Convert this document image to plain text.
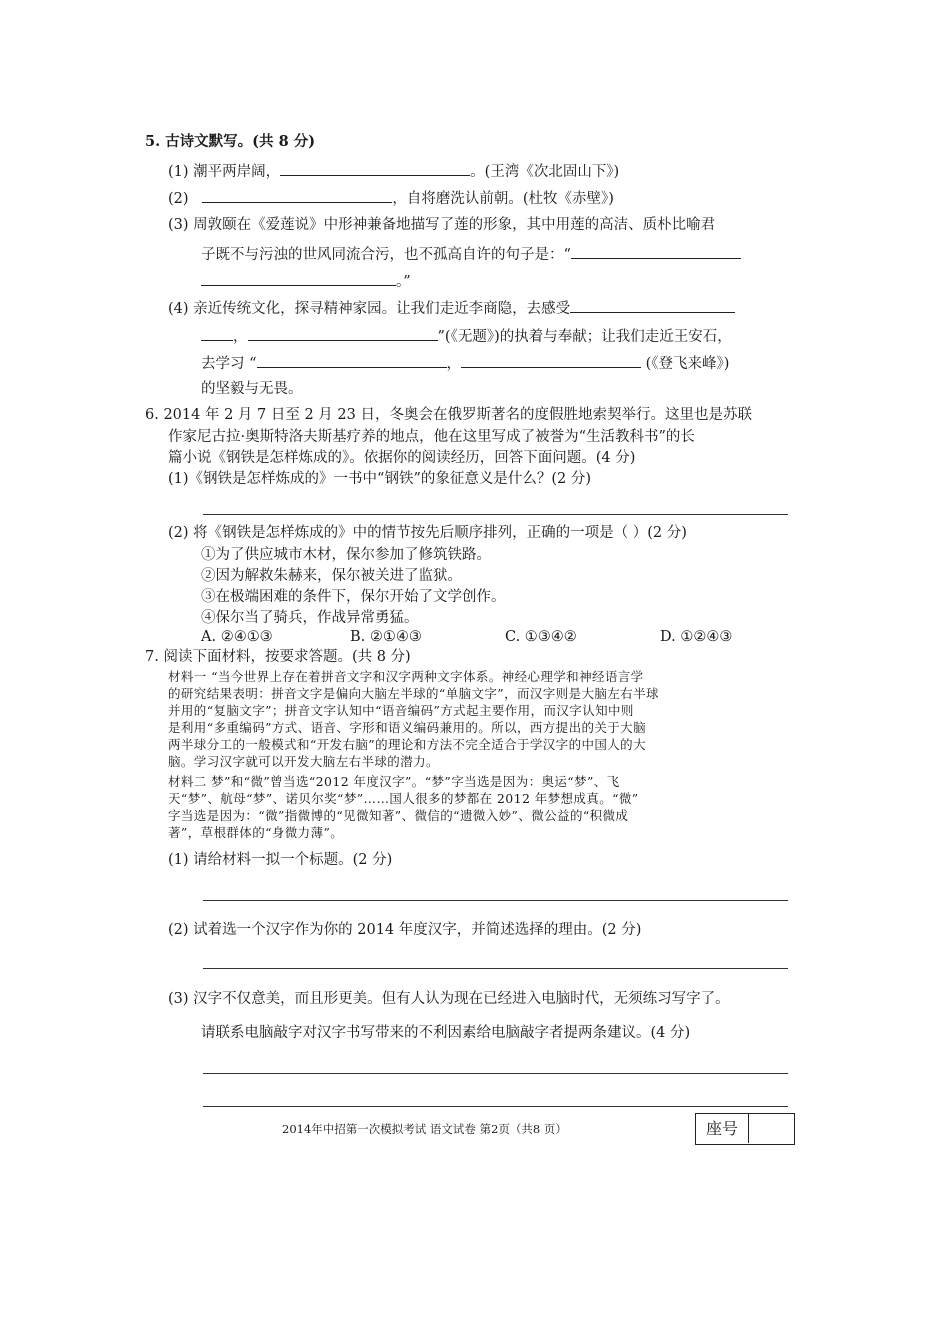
5. 古诗文默写。(共 8 分)
(1) 潮平两岸阔，	。(王湾《次北固山下》)
(2)	，自将磨洗认前朝。(杜牧《赤壁》)
(3) 周敦颐在《爱莲说》中形神兼备地描写了莲的形象，其中用莲的高洁、质朴比喻君
子既不与污浊的世风同流合污，也不孤高自许的句子是：“
。”
(4) 亲近传统文化，探寻精神家园。让我们走近李商隐，去感受
，	”(《无题》)的执着与奉献；让我们走近王安石，
去学习 “	，	(《登飞来峰》)
的坚毅与无畏。
6. 2014 年 2 月 7 日至 2 月 23 日，冬奥会在俄罗斯著名的度假胜地索契举行。这里也是苏联
作家尼古拉·奥斯特洛夫斯基疗养的地点，他在这里写成了被誉为“生活教科书”的长
篇小说《钢铁是怎样炼成的》。依据你的阅读经历，回答下面问题。(4 分)
(1)《钢铁是怎样炼成的》一书中“钢铁”的象征意义是什么？(2 分)
(2) 将《钢铁是怎样炼成的》中的情节按先后顺序排列，正确的一项是（ ）(2 分)
①为了供应城市木材，保尔参加了修筑铁路。
②因为解救朱赫来，保尔被关进了监狱。
③在极端困难的条件下，保尔开始了文学创作。
④保尔当了骑兵，作战异常勇猛。
A. ②④①③	B. ②①④③	C. ①③④②	D. ①②④③
7. 阅读下面材料，按要求答题。(共 8 分)
材料一 “当今世界上存在着拼音文字和汉字两种文字体系。神经心理学和神经语言学
的研究结果表明：拼音文字是偏向大脑左半球的“单脑文字”，而汉字则是大脑左右半球
并用的“复脑文字”；拼音文字认知中“语音编码”方式起主要作用，而汉字认知中则
是利用“多重编码”方式、语音、字形和语义编码兼用的。所以，西方提出的关于大脑
两半球分工的一般模式和“开发右脑”的理论和方法不完全适合于学汉字的中国人的大
脑。学习汉字就可以开发大脑左右半球的潜力。
材料二 梦”和“微”曾当选“2012 年度汉字”。“梦”字当选是因为：奥运“梦”、飞
天“梦”、航母“梦”、诺贝尔奖“梦”……国人很多的梦都在 2012 年梦想成真。“微”
字当选是因为：“微”指微博的“见微知著”、微信的“遗微入妙”、微公益的“积微成
著”，草根群体的“身微力薄”。
(1) 请给材料一拟一个标题。(2 分)
(2) 试着选一个汉字作为你的 2014 年度汉字，并简述选择的理由。(2 分)
(3) 汉字不仅意美，而且形更美。但有人认为现在已经进入电脑时代，无须练习写字了。
请联系电脑敲字对汉字书写带来的不利因素给电脑敲字者提两条建议。(4 分)
2014年中招第一次模拟考试 语文试卷 第2页（共8 页）	座号
